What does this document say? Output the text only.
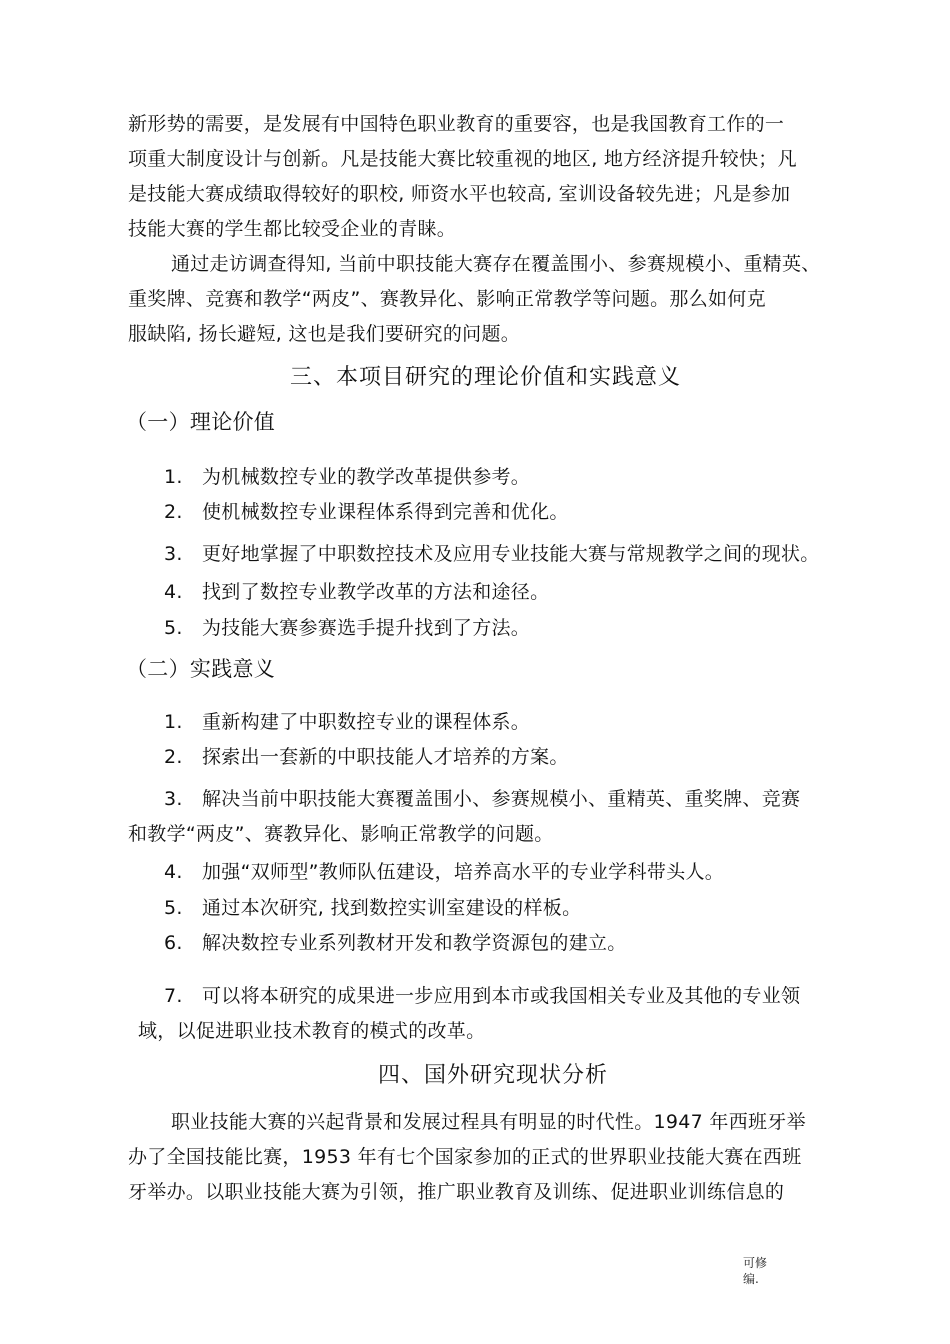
新形势的需要，是发展有中国特色职业教育的重要容，也是我国教育工作的一
项重大制度设计与创新。凡是技能大赛比较重视的地区, 地方经济提升较快；凡
是技能大赛成绩取得较好的职校, 师资水平也较高, 室训设备较先进；凡是参加
技能大赛的学生都比较受企业的青睐。
通过走访调查得知, 当前中职技能大赛存在覆盖围小、参赛规模小、重精英、
重奖牌、竞赛和教学“两皮”、赛教异化、影响正常教学等问题。那么如何克
服缺陷, 扬长避短, 这也是我们要研究的问题。
三、本项目研究的理论价值和实践意义
（一）理论价值
1. 为机械数控专业的教学改革提供参考。
2. 使机械数控专业课程体系得到完善和优化。
3. 更好地掌握了中职数控技术及应用专业技能大赛与常规教学之间的现状。
4. 找到了数控专业教学改革的方法和途径。
5. 为技能大赛参赛选手提升找到了方法。
（二）实践意义
1. 重新构建了中职数控专业的课程体系。
2. 探索出一套新的中职技能人才培养的方案。
3. 解决当前中职技能大赛覆盖围小、参赛规模小、重精英、重奖牌、竞赛
和教学“两皮”、赛教异化、影响正常教学的问题。
4. 加强“双师型”教师队伍建设，培养高水平的专业学科带头人。
5. 通过本次研究, 找到数控实训室建设的样板。
6. 解决数控专业系列教材开发和教学资源包的建立。
7. 可以将本研究的成果进一步应用到本市或我国相关专业及其他的专业领
域，以促进职业技术教育的模式的改革。
四、国外研究现状分析
职业技能大赛的兴起背景和发展过程具有明显的时代性。1947 年西班牙举
办了全国技能比赛，1953 年有七个国家参加的正式的世界职业技能大赛在西班
牙举办。以职业技能大赛为引领，推广职业教育及训练、促进职业训练信息的
可修
编.
